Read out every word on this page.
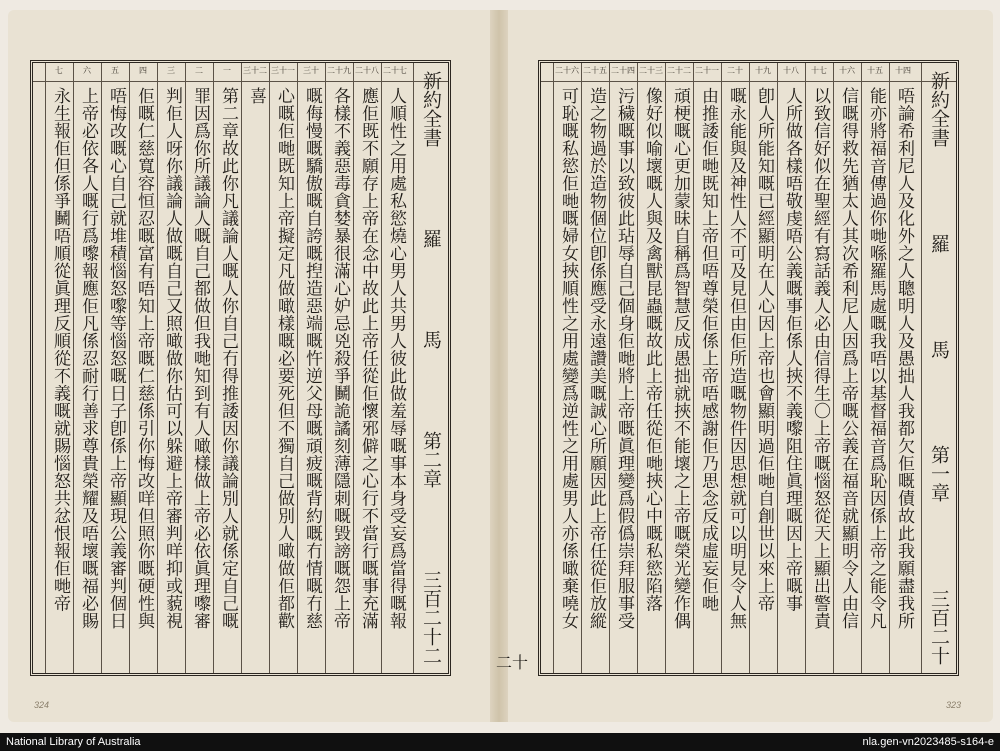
新約全書
羅
馬
第二章
三百二十二
人順性之用處私慾燒心男人共男人彼此做羞辱嘅事本身受妄爲當得嘅報
二十七
應佢既不願存上帝在念中故此上帝任從佢懷邪僻之心行不當行嘅事充滿
二十八
各樣不義惡毒貪婪暴很滿心妒忌兇殺爭鬭詭譎刻薄隱刺嘅毀謗嘅怨上帝
二十九
嘅侮慢嘅驕傲嘅自誇嘅揑造惡端嘅忤逆父母嘅頑疲嘅背約嘅冇情嘅冇慈
三十
心嘅佢哋既知上帝擬定凡做噉樣嘅必要死但不獨自己做別人噉做佢都歡
三十一
喜
三十二
第二章故此你凡議論人嘅人你自己冇得推諉因你議論別人就係定自己嘅
一
罪因爲你所議論人嘅自己都做但我哋知到有人噉樣做上帝必依眞理嚟審
二
判佢人呀你議論人做嘅自己又照噉做你估可以躲避上帝審判咩抑或藐視
三
佢嘅仁慈寬容恒忍嘅富有唔知上帝嘅仁慈係引你悔改咩但照你嘅硬性與
四
唔悔改嘅心自己就堆積惱怒嚟等惱怒嘅日子卽係上帝顯現公義審判個日
五
上帝必依各人嘅行爲嚟報應佢凡係忍耐行善求尊貴榮耀及唔壞嘅福必賜
六
永生報佢但係爭鬭唔順從眞理反順從不義嘅就賜惱怒共忿恨報佢哋帝
七
新約全書
羅
馬
第一章
三百二十
唔論希利尼人及化外之人聰明人及愚拙人我都欠佢嘅債故此我願盡我所
十四
能亦將福音傳過你哋喺羅馬處嘅我唔以基督福音爲恥因係上帝之能令凡
十五
信嘅得救先猶太人其次希利尼人因爲上帝嘅公義在福音就顯明令人由信
十六
以致信好似在聖經有寫話義人必由信得生〇上帝嘅惱怒從天上顯出警責
十七
人所做各樣唔敬虔唔公義嘅事佢係人挾不義嚟阻住眞理嘅因上帝嘅事
十八
卽人所能知嘅已經顯明在人心因上帝也會顯明過佢哋自創世以來上帝
十九
嘅永能與及神性人不可及見但由佢所造嘅物件因思想就可以明見令人無
二十
由推諉佢哋既知上帝但唔尊榮佢係上帝唔感謝佢乃思念反成虛妄佢哋
二十一
頑梗嘅心更加蒙昧自稱爲智慧反成愚拙就挾不能壞之上帝嘅榮光變作偶
二十二
像好似喻壞嘅人與及禽獸昆蟲嘅故此上帝任從佢哋挾心中嘅私慾陷落
二十三
污穢嘅事以致彼此玷辱自己個身佢哋將上帝嘅眞理變爲假僞崇拜服事受
二十四
造之物過於造物個位卽係應受永遠讚美嘅誠心所願因此上帝任從佢放縱
二十五
可恥嘅私慾佢哋嘅婦女挾順性之用處變爲逆性之用處男人亦係噉棄嘵女
二十六
二十
324	323
National Library of Australia	nla.gen-vn2023485-s164-e
